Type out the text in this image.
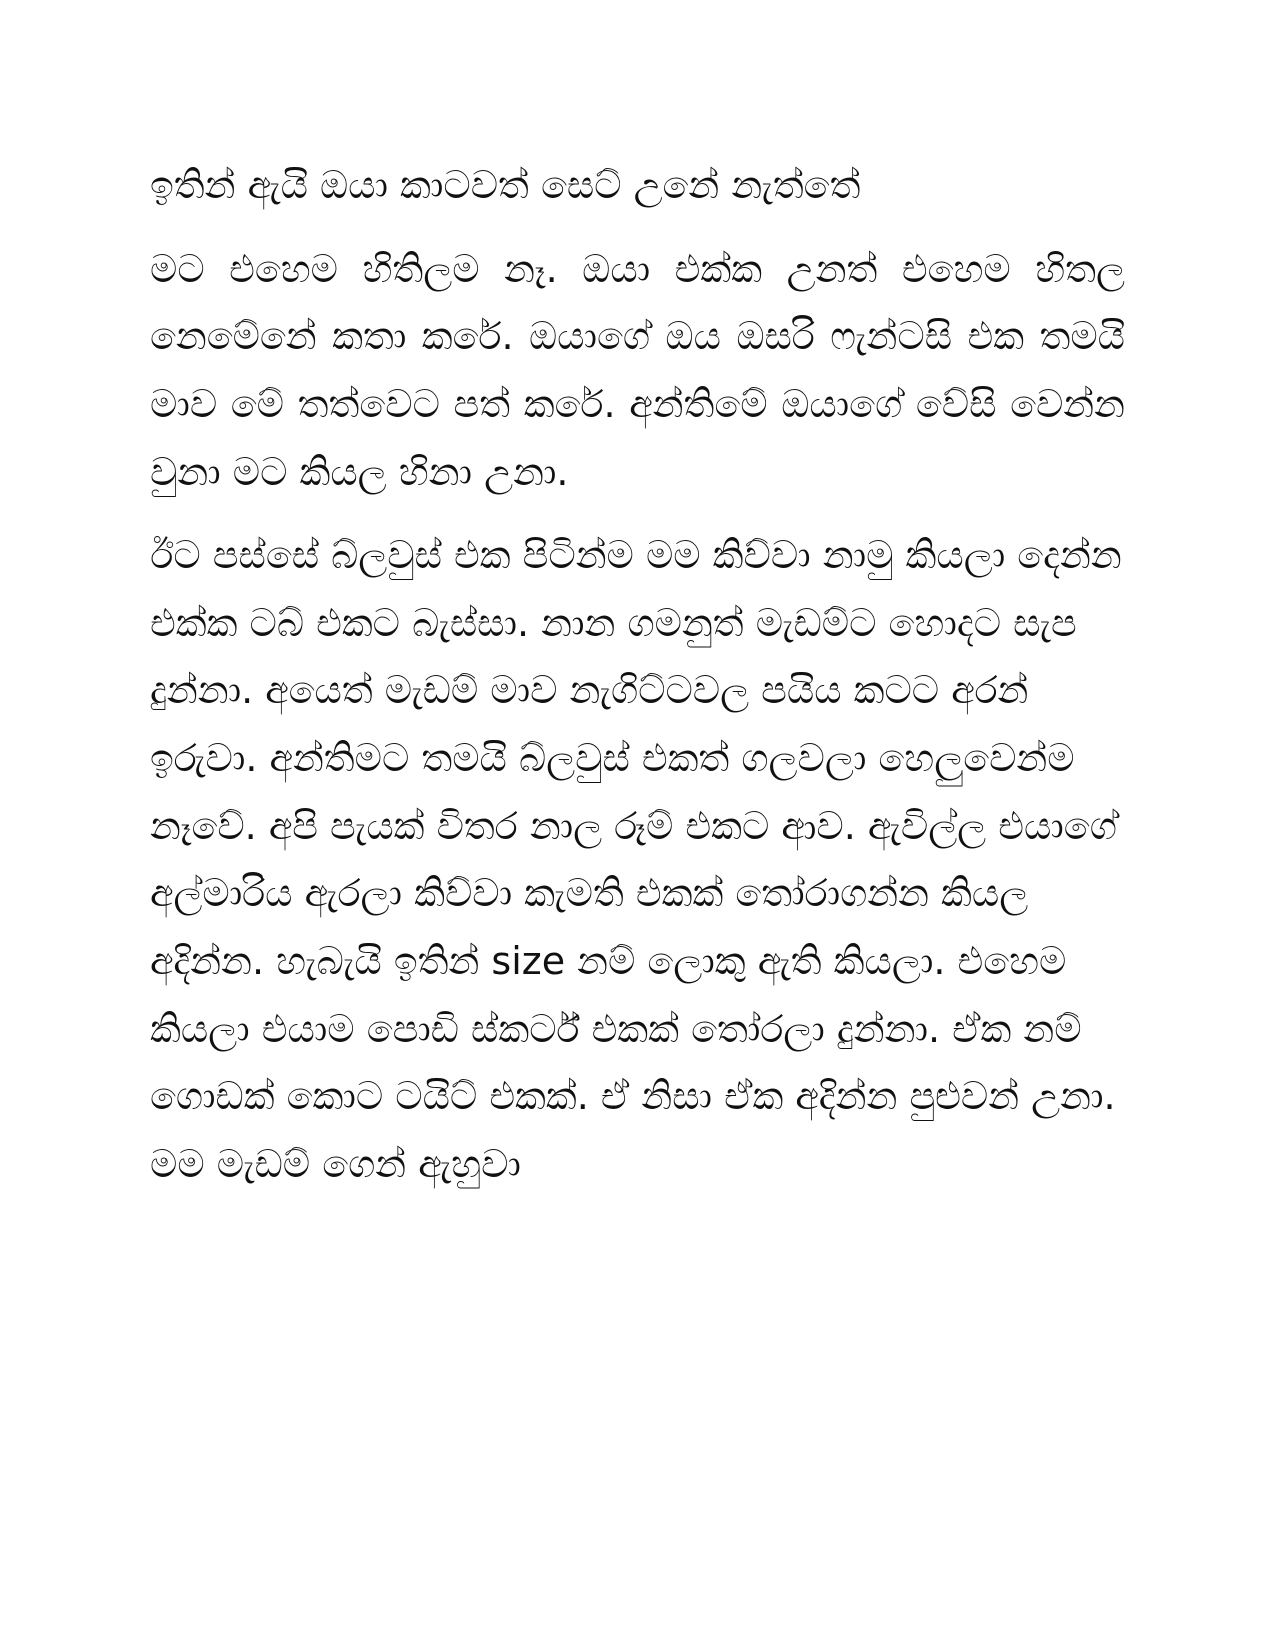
ඉතින් ඇයි ඔයා කාටවත් සෙට් උනේ නැත්තේ

මට එහෙම හිතිලම නෑ. ඔයා එක්ක උනත් එහෙම හිතල නෙමේනේ කතා කරේ. ඔයාගේ ඔය ඔසරි ෆැන්ටසි එක තමයි මාව මේ තත්වෙට පත් කරේ. අන්තිමේ ඔයාගේ වේසි වෙන්න වුනා මට කියල හිනා උනා.

ඊට පස්සේ බ්ලවුස් එක පිටින්ම මම කිව්වා නාමු කියලා දෙන්න එක්ක ටබ් එකට බැස්සා. නාන ගමනුත් මැඩම්ට හොදට සැප දුන්නා. අයෙත් මැඩම් මාව නැගිට්ටවල පයිය කටට අරන් ඉරුවා. අන්තිමට තමයි බ්ලවුස් එකත් ගලවලා හෙලුවෙන්ම නෑවේ. අපි පැයක් විතර නාල රූම් එකට ආව. ඇවිල්ල එයාගේ අල්මාරිය ඇරලා කිව්වා කැමති එකක් තෝරාගන්න කියල අදින්න. හැබැයි ඉතින් size නම් ලොකු ඇති කියලා. එහෙම කියලා එයාම පොඩි ස්කර්ට් එකක් තෝරලා දුන්නා. ඒක නම් ගොඩක් කොට ටයිට් එකක්. ඒ නිසා ඒක අදින්න පුළුවන් උනා. මම මැඩම් ගෙන් ඇහුවා
